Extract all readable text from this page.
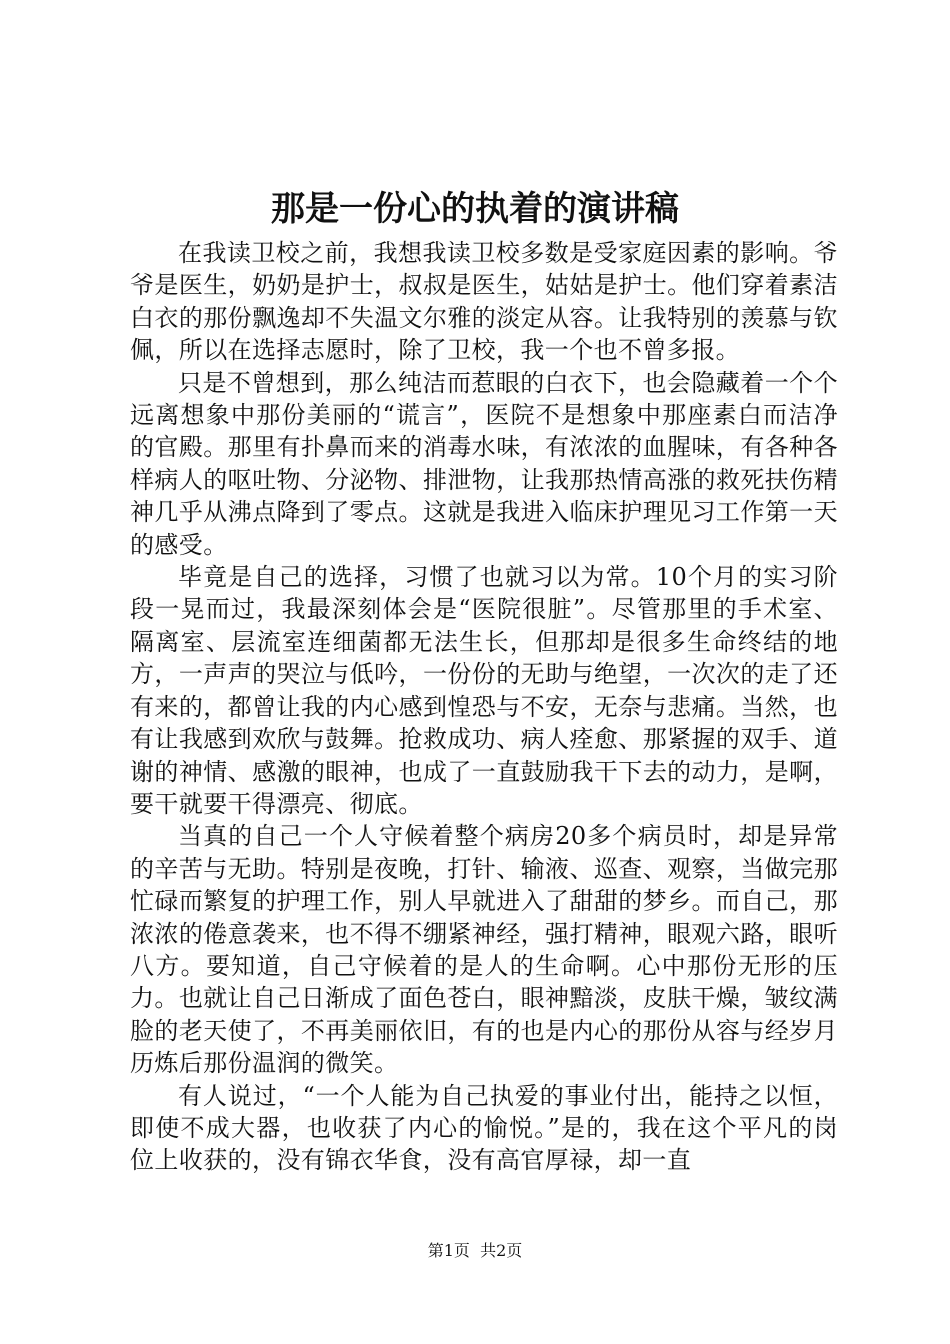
那是一份心的执着的演讲稿

在我读卫校之前，我想我读卫校多数是受家庭因素的影响。爷爷是医生，奶奶是护士，叔叔是医生，姑姑是护士。他们穿着素洁白衣的那份飘逸却不失温文尔雅的淡定从容。让我特别的羡慕与钦佩，所以在选择志愿时，除了卫校，我一个也不曾多报。

只是不曾想到，那么纯洁而惹眼的白衣下，也会隐藏着一个个远离想象中那份美丽的“谎言”，医院不是想象中那座素白而洁净的官殿。那里有扑鼻而来的消毒水味，有浓浓的血腥味，有各种各样病人的呕吐物、分泌物、排泄物，让我那热情高涨的救死扶伤精神几乎从沸点降到了零点。这就是我进入临床护理见习工作第一天的感受。

毕竟是自己的选择，习惯了也就习以为常。10个月的实习阶段一晃而过，我最深刻体会是“医院很脏”。尽管那里的手术室、隔离室、层流室连细菌都无法生长，但那却是很多生命终结的地方，一声声的哭泣与低吟，一份份的无助与绝望，一次次的走了还有来的，都曾让我的内心感到惶恐与不安，无奈与悲痛。当然，也有让我感到欢欣与鼓舞。抢救成功、病人痊愈、那紧握的双手、道谢的神情、感激的眼神，也成了一直鼓励我干下去的动力，是啊，要干就要干得漂亮、彻底。

当真的自己一个人守候着整个病房20多个病员时，却是异常的辛苦与无助。特别是夜晚，打针、输液、巡查、观察，当做完那忙碌而繁复的护理工作，别人早就进入了甜甜的梦乡。而自己，那浓浓的倦意袭来，也不得不绷紧神经，强打精神，眼观六路，眼听八方。要知道，自己守候着的是人的生命啊。心中那份无形的压力。也就让自己日渐成了面色苍白，眼神黯淡，皮肤干燥，皱纹满脸的老天使了，不再美丽依旧，有的也是内心的那份从容与经岁月历炼后那份温润的微笑。

有人说过，“一个人能为自己执爱的事业付出，能持之以恒，即使不成大器，也收获了内心的愉悦。”是的，我在这个平凡的岗位上收获的，没有锦衣华食，没有高官厚禄，却一直

第1页 共2页
